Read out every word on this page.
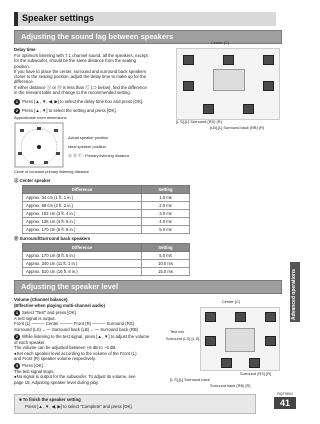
Speaker settings
Adjusting the sound lag between speakers
Delay time
For optimum listening with 7.1 channel sound, all the speakers, except
for the subwoofer, should be the same distance from the seating
position.
If you have to place the center, surround and surround back speakers
closer to the seating position, adjust the delay time to make up for the
difference.
If either distance Ⓐ or Ⓑ is less than Ⓒ (⇒ below), find the difference
in the relevant table and change to the recommended setting.
1 Press [▲, ▼, ◀, ▶] to select the delay time box and press [OK].
2 Press [▲, ▼] to select the setting and press [OK].
Center (C)
[L S],[L] Surround (RS) (R)
[LB],[L] Surround back (RB) (R)
Approximate room dimensions
Actual speaker position
Ideal speaker position
Ⓐ Ⓑ Ⓒ : Primary listening distance
Circle of constant primary listening distance
Ⓐ Center speaker
Difference	Setting
Approx. 34 cm (1 ft. 1 in.)	1.0 ms
Approx. 68 cm (2 ft. 2 in.)	2.0 ms
Approx. 102 cm (3 ft. 4 in.)	3.0 ms
Approx. 136 cm (4 ft. 5 in.)	4.0 ms
Approx. 170 cm (5 ft. 6 in.)	5.0 ms
Ⓑ Surround/Surround back speakers
Difference	Setting
Approx. 170 cm (5 ft. 6 in.)	5.0 ms
Approx. 340 cm (11 ft. 1 in.)	10.0 ms
Approx. 510 cm (16 ft. 8 in.)	15.0 ms
Adjusting the speaker level
Volume (Channel balance)
(Effective when playing multi-channel audio)
1 Select "Test" and press [OK].
A test signal is output.
Front (L) ——— Center ——— Front (R) ——— Surround (RS)
Surround (LS) ←— Surround back (LB) ←— Surround back (RB)
2 While listening to the test signal, press [▲, ▼] to adjust the volume
of each speaker.
The volume can be adjusted between +6 dB to −6 dB.
●Set each speaker level according to the volume of the Front (L)
and Front (R) speaker volume respectively.
3 Press [OK].
The test signal stops.
●No signal is output for the subwoofer. To adjust its volume, see
page 18, Adjusting speaker level during play.
Center (C)
Test mix
Surround (LS) [L S]
Surround (RS) [R]
[L S],[L] Surround back
Surround back (RB) [R]
■ To finish the speaker setting
Press [▲, ▼, ◀, ▶] to select "Complete" and press [OK].
Advanced operations
RQT9894
41
